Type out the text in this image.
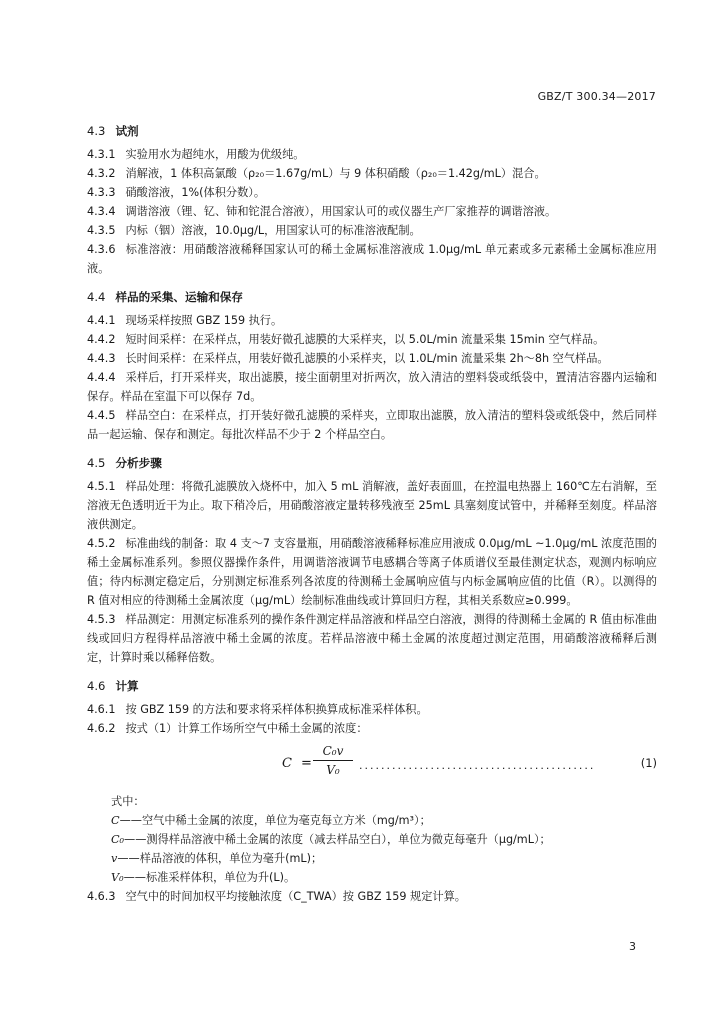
GBZ/T 300.34—2017
4.3 试剂
4.3.1 实验用水为超纯水，用酸为优级纯。
4.3.2 消解液，1 体积高氯酸（ρ₂₀＝1.67g/mL）与 9 体积硝酸（ρ₂₀＝1.42g/mL）混合。
4.3.3 硝酸溶液，1%(体积分数）。
4.3.4 调谐溶液（锂、钇、铈和铊混合溶液），用国家认可的或仪器生产厂家推荐的调谐溶液。
4.3.5 内标（铟）溶液，10.0μg/L，用国家认可的标准溶液配制。
4.3.6 标准溶液：用硝酸溶液稀释国家认可的稀土金属标准溶液成 1.0μg/mL 单元素或多元素稀土金属标准应用液。
4.4 样品的采集、运输和保存
4.4.1 现场采样按照 GBZ 159 执行。
4.4.2 短时间采样：在采样点，用装好微孔滤膜的大采样夹，以 5.0L/min 流量采集 15min 空气样品。
4.4.3 长时间采样：在采样点，用装好微孔滤膜的小采样夹，以 1.0L/min 流量采集 2h～8h 空气样品。
4.4.4 采样后，打开采样夹，取出滤膜，接尘面朝里对折两次，放入清洁的塑料袋或纸袋中，置清洁容器内运输和保存。样品在室温下可以保存 7d。
4.4.5 样品空白：在采样点，打开装好微孔滤膜的采样夹，立即取出滤膜，放入清洁的塑料袋或纸袋中，然后同样品一起运输、保存和测定。每批次样品不少于 2 个样品空白。
4.5 分析步骤
4.5.1 样品处理：将微孔滤膜放入烧杯中，加入 5 mL 消解液，盖好表面皿，在控温电热器上 160℃左右消解，至溶液无色透明近干为止。取下稍冷后，用硝酸溶液定量转移残液至 25mL 具塞刻度试管中，并稀释至刻度。样品溶液供测定。
4.5.2 标准曲线的制备：取 4 支～7 支容量瓶，用硝酸溶液稀释标准应用液成 0.0μg/mL ~1.0μg/mL 浓度范围的稀土金属标准系列。参照仪器操作条件，用调谐溶液调节电感耦合等离子体质谱仪至最佳测定状态，观测内标响应值；待内标测定稳定后，分别测定标准系列各浓度的待测稀土金属响应值与内标金属响应值的比值（R）。以测得的 R 值对相应的待测稀土金属浓度（μg/mL）绘制标准曲线或计算回归方程，其相关系数应≥0.999。
4.5.3 样品测定：用测定标准系列的操作条件测定样品溶液和样品空白溶液，测得的待测稀土金属的 R 值由标准曲线或回归方程得样品溶液中稀土金属的浓度。若样品溶液中稀土金属的浓度超过测定范围，用硝酸溶液稀释后测定，计算时乘以稀释倍数。
4.6 计算
4.6.1 按 GBZ 159 的方法和要求将采样体积换算成标准采样体积。
4.6.2 按式（1）计算工作场所空气中稀土金属的浓度：
$C = \frac{\text{C₀v}}{\text{V₀}}$ ...........................................	(1)
式中：
C——空气中稀土金属的浓度，单位为毫克每立方米（mg/m³）；
C₀——测得样品溶液中稀土金属的浓度（减去样品空白），单位为微克每毫升（μg/mL）；
v——样品溶液的体积，单位为毫升(mL)；
V₀——标准采样体积，单位为升(L)。
4.6.3 空气中的时间加权平均接触浓度（C_TWA）按 GBZ 159 规定计算。
3
